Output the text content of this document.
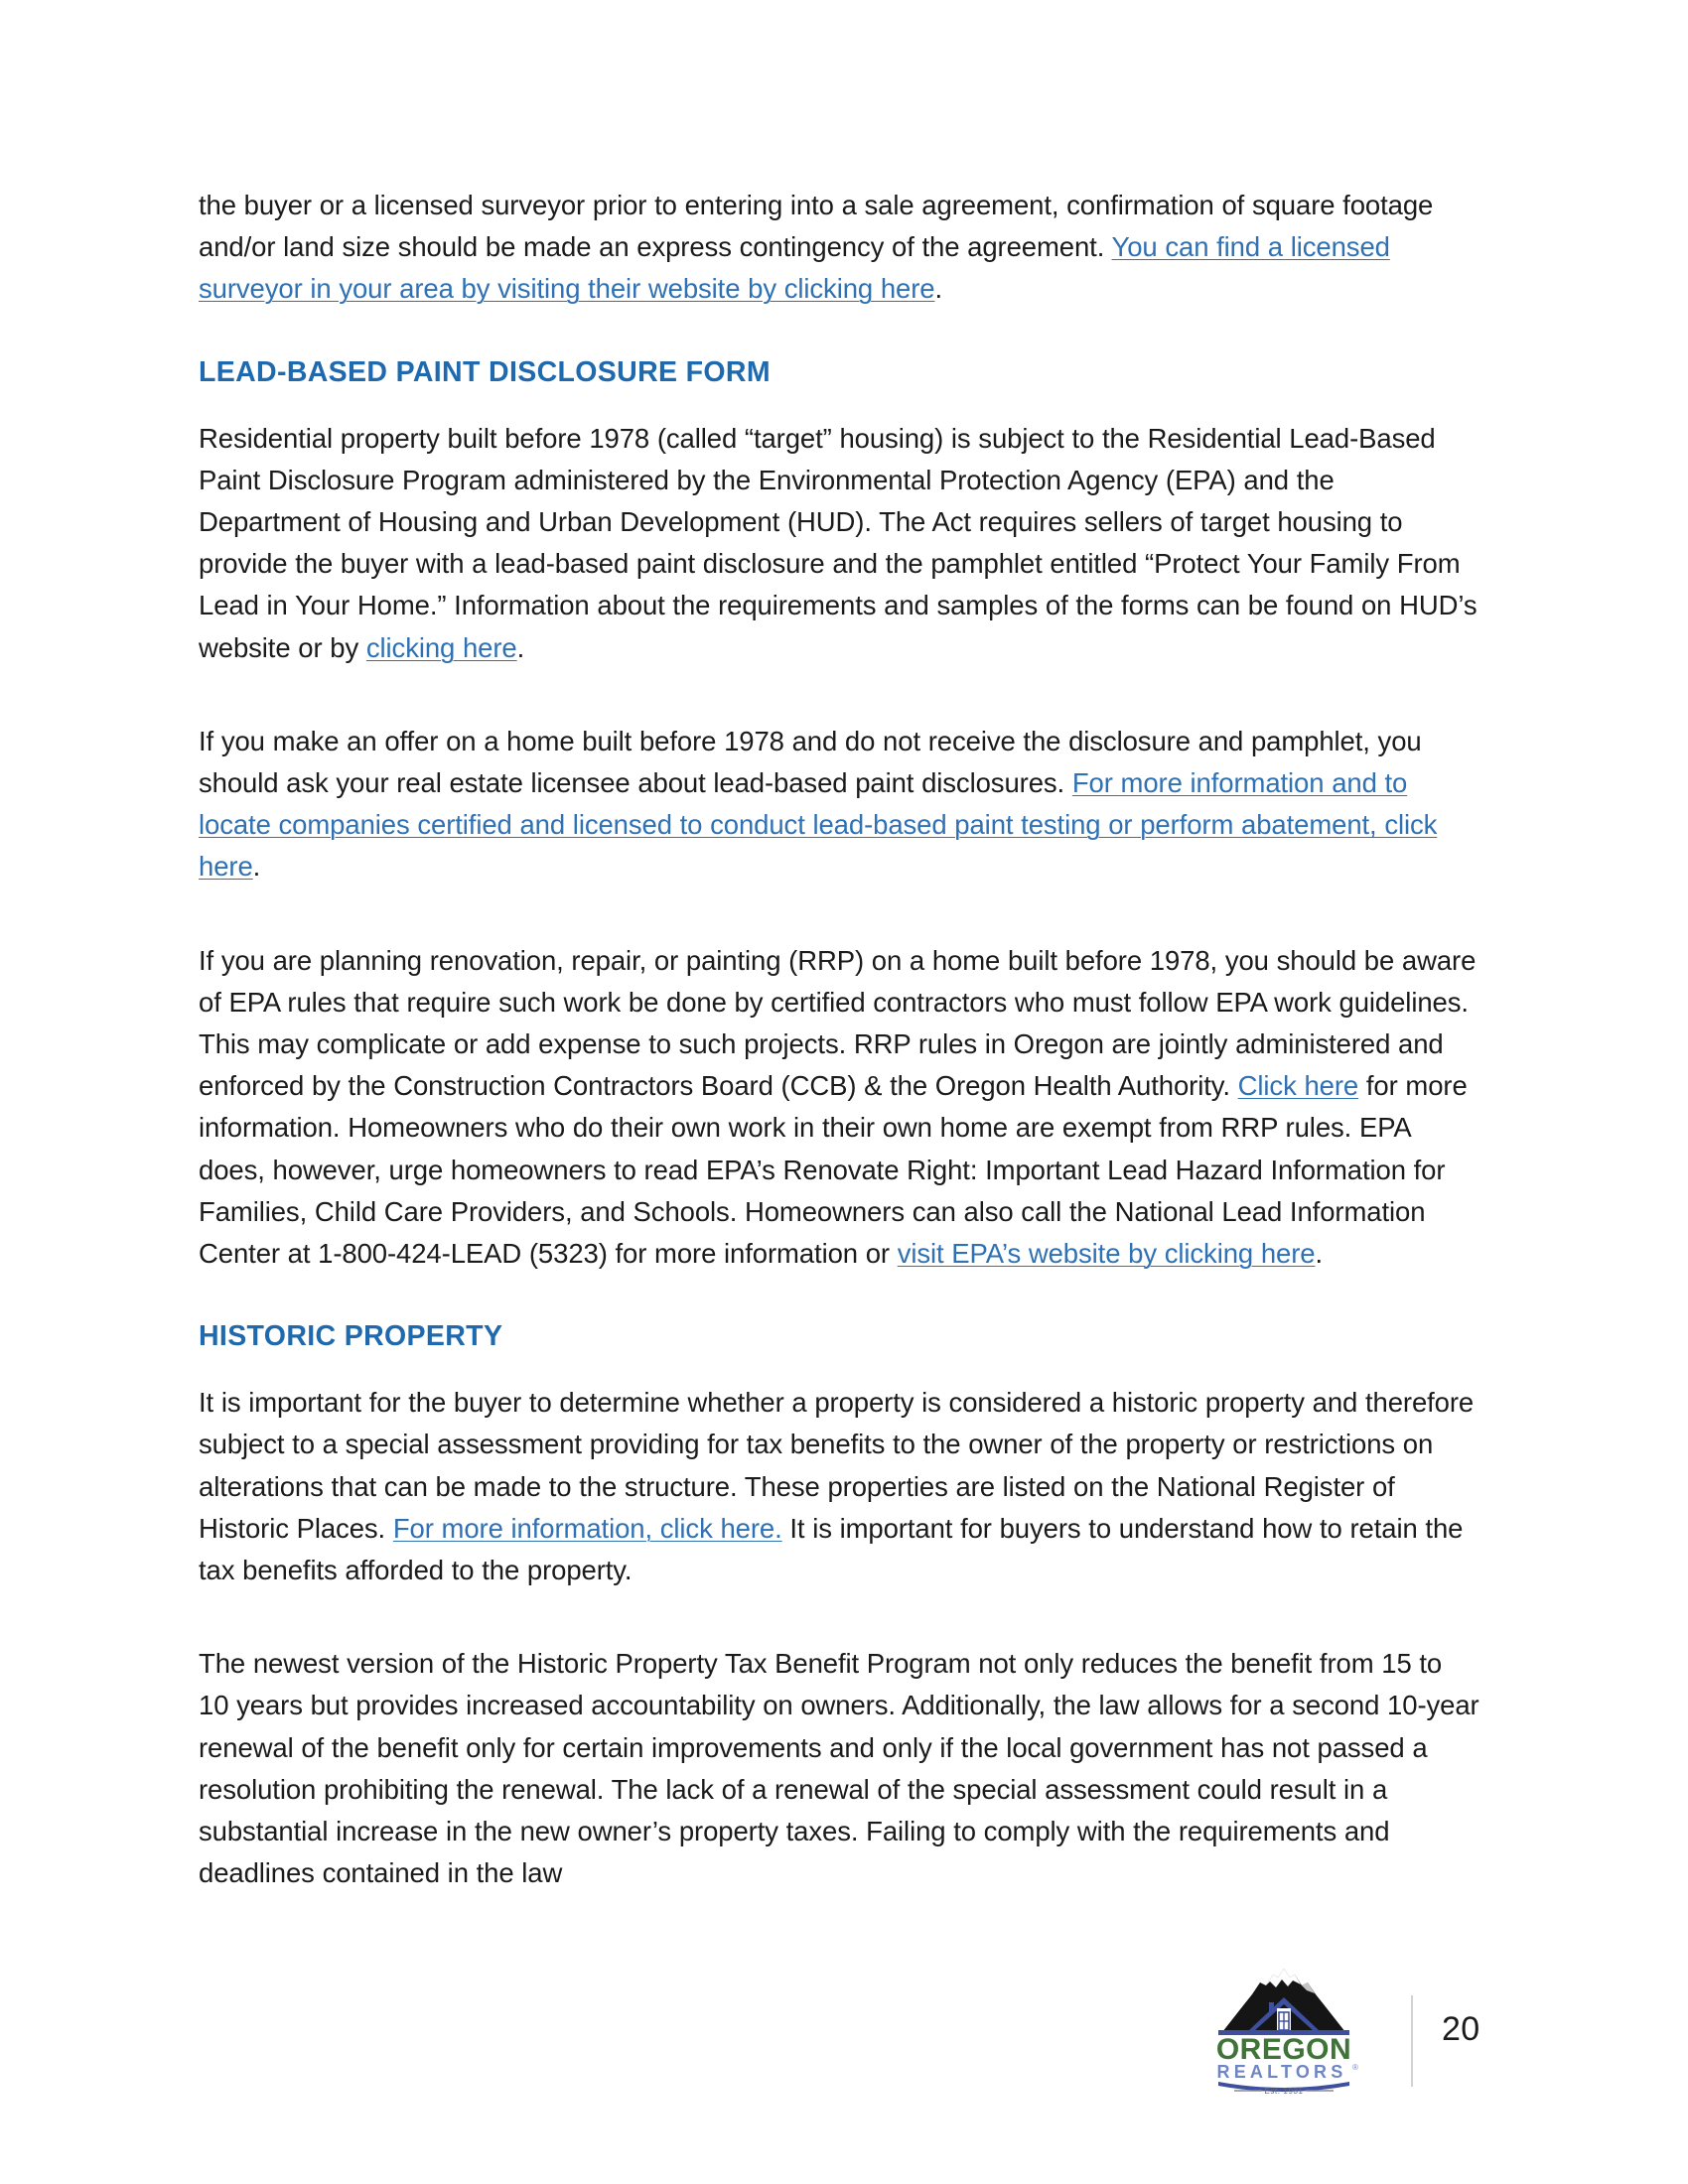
the buyer or a licensed surveyor prior to entering into a sale agreement, confirmation of square footage and/or land size should be made an express contingency of the agreement. You can find a licensed surveyor in your area by visiting their website by clicking here.

LEAD-BASED PAINT DISCLOSURE FORM

Residential property built before 1978 (called “target” housing) is subject to the Residential Lead-Based Paint Disclosure Program administered by the Environmental Protection Agency (EPA) and the Department of Housing and Urban Development (HUD). The Act requires sellers of target housing to provide the buyer with a lead-based paint disclosure and the pamphlet entitled “Protect Your Family From Lead in Your Home.” Information about the requirements and samples of the forms can be found on HUD’s website or by clicking here.

If you make an offer on a home built before 1978 and do not receive the disclosure and pamphlet, you should ask your real estate licensee about lead-based paint disclosures. For more information and to locate companies certified and licensed to conduct lead-based paint testing or perform abatement, click here.

If you are planning renovation, repair, or painting (RRP) on a home built before 1978, you should be aware of EPA rules that require such work be done by certified contractors who must follow EPA work guidelines. This may complicate or add expense to such projects. RRP rules in Oregon are jointly administered and enforced by the Construction Contractors Board (CCB) & the Oregon Health Authority. Click here for more information. Homeowners who do their own work in their own home are exempt from RRP rules. EPA does, however, urge homeowners to read EPA’s Renovate Right: Important Lead Hazard Information for Families, Child Care Providers, and Schools. Homeowners can also call the National Lead Information Center at 1-800-424-LEAD (5323) for more information or visit EPA’s website by clicking here.

HISTORIC PROPERTY

It is important for the buyer to determine whether a property is considered a historic property and therefore subject to a special assessment providing for tax benefits to the owner of the property or restrictions on alterations that can be made to the structure. These properties are listed on the National Register of Historic Places. For more information, click here. It is important for buyers to understand how to retain the tax benefits afforded to the property.

The newest version of the Historic Property Tax Benefit Program not only reduces the benefit from 15 to 10 years but provides increased accountability on owners. Additionally, the law allows for a second 10-year renewal of the benefit only for certain improvements and only if the local government has not passed a resolution prohibiting the renewal. The lack of a renewal of the special assessment could result in a substantial increase in the new owner’s property taxes. Failing to comply with the requirements and deadlines contained in the law

OREGON
REALTORS ®
Est. 1931
20
